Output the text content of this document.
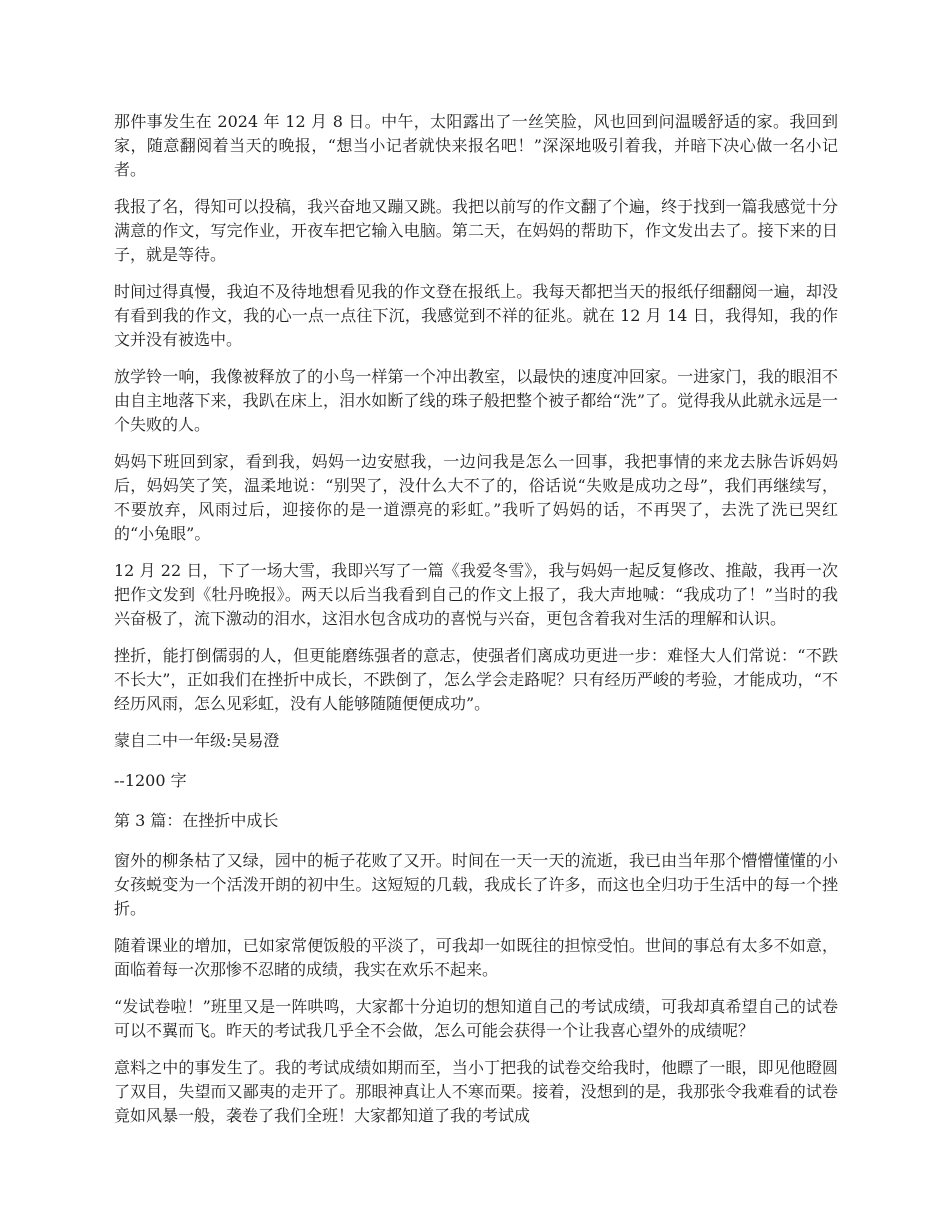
那件事发生在 2024 年 12 月 8 日。中午，太阳露出了一丝笑脸，风也回到问温暖舒适的家。我回到家，随意翻阅着当天的晚报，“想当小记者就快来报名吧！”深深地吸引着我，并暗下决心做一名小记者。

我报了名，得知可以投稿，我兴奋地又蹦又跳。我把以前写的作文翻了个遍，终于找到一篇我感觉十分满意的作文，写完作业，开夜车把它输入电脑。第二天，在妈妈的帮助下，作文发出去了。接下来的日子，就是等待。

时间过得真慢，我迫不及待地想看见我的作文登在报纸上。我每天都把当天的报纸仔细翻阅一遍，却没有看到我的作文，我的心一点一点往下沉，我感觉到不祥的征兆。就在 12 月 14 日，我得知，我的作文并没有被选中。

放学铃一响，我像被释放了的小鸟一样第一个冲出教室，以最快的速度冲回家。一进家门，我的眼泪不由自主地落下来，我趴在床上，泪水如断了线的珠子般把整个被子都给“洗”了。觉得我从此就永远是一个失败的人。

妈妈下班回到家，看到我，妈妈一边安慰我，一边问我是怎么一回事，我把事情的来龙去脉告诉妈妈后，妈妈笑了笑，温柔地说：“别哭了，没什么大不了的，俗话说“失败是成功之母”，我们再继续写，不要放弃，风雨过后，迎接你的是一道漂亮的彩虹。”我听了妈妈的话，不再哭了，去洗了洗已哭红的“小兔眼”。

12 月 22 日，下了一场大雪，我即兴写了一篇《我爱冬雪》，我与妈妈一起反复修改、推敲，我再一次把作文发到《牡丹晚报》。两天以后当我看到自己的作文上报了，我大声地喊：“我成功了！”当时的我兴奋极了，流下激动的泪水，这泪水包含成功的喜悦与兴奋，更包含着我对生活的理解和认识。

挫折，能打倒儒弱的人，但更能磨练强者的意志，使强者们离成功更进一步：难怪大人们常说：“不跌不长大”，正如我们在挫折中成长，不跌倒了，怎么学会走路呢？只有经历严峻的考验，才能成功，“不经历风雨，怎么见彩虹，没有人能够随随便便成功”。

蒙自二中一年级:吴易澄

--1200 字

第 3 篇：在挫折中成长

窗外的柳条枯了又绿，园中的栀子花败了又开。时间在一天一天的流逝，我已由当年那个懵懵懂懂的小女孩蜕变为一个活泼开朗的初中生。这短短的几载，我成长了许多，而这也全归功于生活中的每一个挫折。

随着课业的增加，已如家常便饭般的平淡了，可我却一如既往的担惊受怕。世间的事总有太多不如意，面临着每一次那惨不忍睹的成绩，我实在欢乐不起来。

“发试卷啦！”班里又是一阵哄鸣，大家都十分迫切的想知道自己的考试成绩，可我却真希望自己的试卷可以不翼而飞。昨天的考试我几乎全不会做，怎么可能会获得一个让我喜心望外的成绩呢？

意料之中的事发生了。我的考试成绩如期而至，当小丁把我的试卷交给我时，他瞟了一眼，即见他瞪圆了双目，失望而又鄙夷的走开了。那眼神真让人不寒而栗。接着，没想到的是，我那张令我难看的试卷竟如风暴一般，袭卷了我们全班！大家都知道了我的考试成
